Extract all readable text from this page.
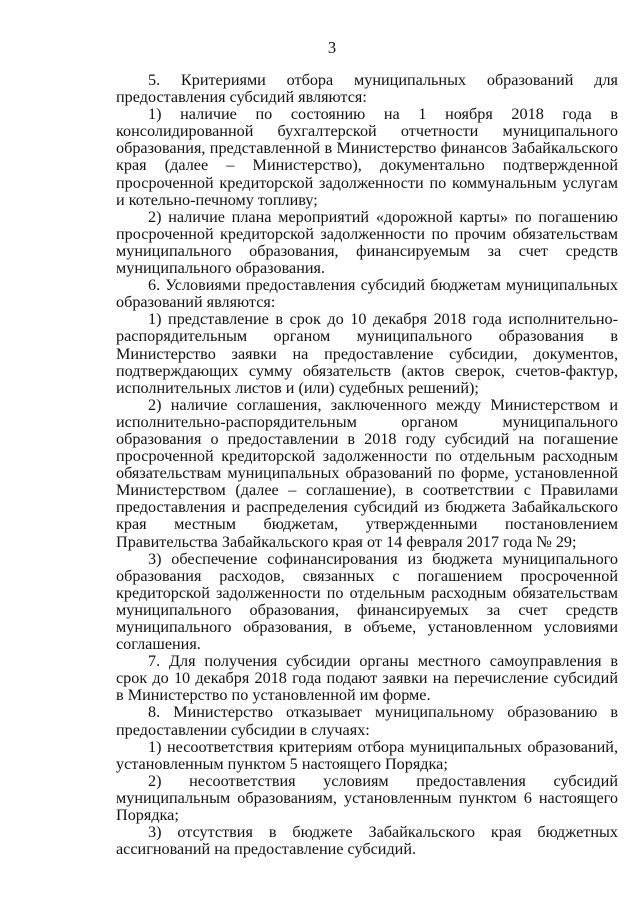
3

5. Критериями отбора муниципальных образований для предоставления субсидий являются:

1) наличие по состоянию на 1 ноября 2018 года в консолидированной бухгалтерской отчетности муниципального образования, представленной в Министерство финансов Забайкальского края (далее – Министерство), документально подтвержденной просроченной кредиторской задолженности по коммунальным услугам и котельно-печному топливу;

2) наличие плана мероприятий «дорожной карты» по погашению просроченной кредиторской задолженности по прочим обязательствам муниципального образования, финансируемым за счет средств муниципального образования.

6. Условиями предоставления субсидий бюджетам муниципальных образований являются:

1) представление в срок до 10 декабря 2018 года исполнительно-распорядительным органом муниципального образования в Министерство заявки на предоставление субсидии, документов, подтверждающих сумму обязательств (актов сверок, счетов-фактур, исполнительных листов и (или) судебных решений);

2) наличие соглашения, заключенного между Министерством и исполнительно-распорядительным органом муниципального образования о предоставлении в 2018 году субсидий на погашение просроченной кредиторской задолженности по отдельным расходным обязательствам муниципальных образований по форме, установленной Министерством (далее – соглашение), в соответствии с Правилами предоставления и распределения субсидий из бюджета Забайкальского края местным бюджетам, утвержденными постановлением Правительства Забайкальского края от 14 февраля 2017 года № 29;

3) обеспечение софинансирования из бюджета муниципального образования расходов, связанных с погашением просроченной кредиторской задолженности по отдельным расходным обязательствам муниципального образования, финансируемых за счет средств муниципального образования, в объеме, установленном условиями соглашения.

7. Для получения субсидии органы местного самоуправления в срок до 10 декабря 2018 года подают заявки на перечисление субсидий в Министерство по установленной им форме.

8. Министерство отказывает муниципальному образованию в предоставлении субсидии в случаях:

1) несоответствия критериям отбора муниципальных образований, установленным пунктом 5 настоящего Порядка;

2) несоответствия условиям предоставления субсидий муниципальным образованиям, установленным пунктом 6 настоящего Порядка;

3) отсутствия в бюджете Забайкальского края бюджетных ассигнований на предоставление субсидий.
